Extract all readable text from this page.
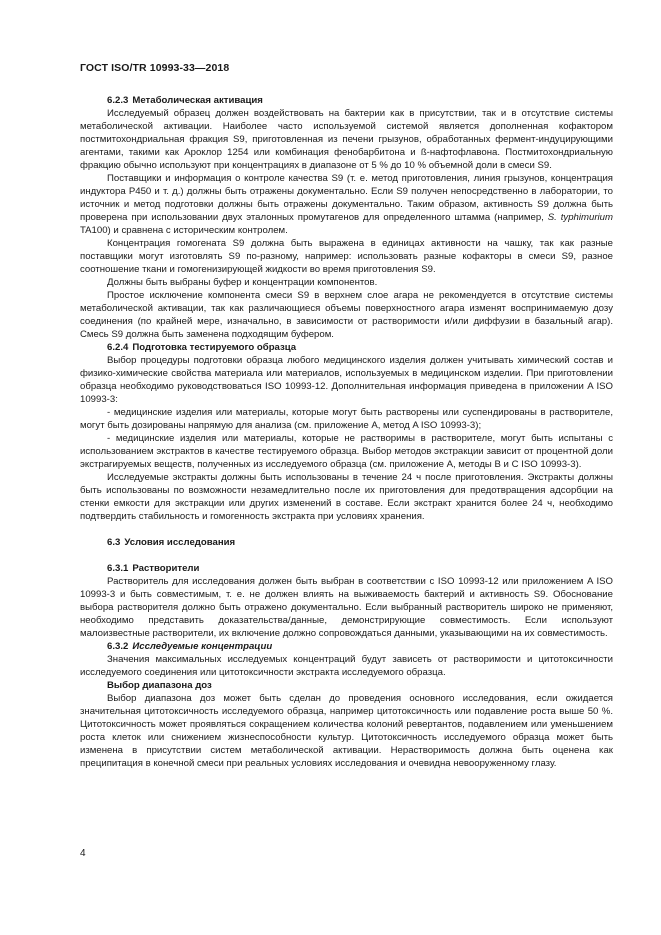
ГОСТ ISO/TR 10993-33—2018

6.2.3 Метаболическая активация

Исследуемый образец должен воздействовать на бактерии как в присутствии, так и в отсутствие системы метаболической активации. Наиболее часто используемой системой является дополненная кофактором постмитохондриальная фракция S9, приготовленная из печени грызунов, обработанных фермент-индуцирующими агентами, такими как Ароклор 1254 или комбинация фенобарбитона и ß-нафтофлавона. Постмитохондриальную фракцию обычно используют при концентрациях в диапазоне от 5 % до 10 % объемной доли в смеси S9.

Поставщики и информация о контроле качества S9 (т. е. метод приготовления, линия грызунов, концентрация индуктора P450 и т. д.) должны быть отражены документально. Если S9 получен непосредственно в лаборатории, то источник и метод подготовки должны быть отражены документально. Таким образом, активность S9 должна быть проверена при использовании двух эталонных промутагенов для определенного штамма (например, S. typhimurium TA100) и сравнена с историческим контролем.

Концентрация гомогената S9 должна быть выражена в единицах активности на чашку, так как разные поставщики могут изготовлять S9 по-разному, например: использовать разные кофакторы в смеси S9, разное соотношение ткани и гомогенизирующей жидкости во время приготовления S9.

Должны быть выбраны буфер и концентрации компонентов.

Простое исключение компонента смеси S9 в верхнем слое агара не рекомендуется в отсутствие системы метаболической активации, так как различающиеся объемы поверхностного агара изменят воспринимаемую дозу соединения (по крайней мере, изначально, в зависимости от растворимости и/или диффузии в базальный агар). Смесь S9 должна быть заменена подходящим буфером.

6.2.4 Подготовка тестируемого образца

Выбор процедуры подготовки образца любого медицинского изделия должен учитывать химический состав и физико-химические свойства материала или материалов, используемых в медицинском изделии. При приготовлении образца необходимо руководствоваться ISO 10993-12. Дополнительная информация приведена в приложении A ISO 10993-3:

- медицинские изделия или материалы, которые могут быть растворены или суспендированы в растворителе, могут быть дозированы напрямую для анализа (см. приложение A, метод A ISO 10993-3);

- медицинские изделия или материалы, которые не растворимы в растворителе, могут быть испытаны с использованием экстрактов в качестве тестируемого образца. Выбор методов экстракции зависит от процентной доли экстрагируемых веществ, полученных из исследуемого образца (см. приложение A, методы B и C ISO 10993-3).

Исследуемые экстракты должны быть использованы в течение 24 ч после приготовления. Экстракты должны быть использованы по возможности незамедлительно после их приготовления для предотвращения адсорбции на стенки емкости для экстракции или других изменений в составе. Если экстракт хранится более 24 ч, необходимо подтвердить стабильность и гомогенность экстракта при условиях хранения.

6.3 Условия исследования

6.3.1 Растворители

Растворитель для исследования должен быть выбран в соответствии с ISO 10993-12 или приложением A ISO 10993-3 и быть совместимым, т. е. не должен влиять на выживаемость бактерий и активность S9. Обоснование выбора растворителя должно быть отражено документально. Если выбранный растворитель широко не применяют, необходимо представить доказательства/данные, демонстрирующие совместимость. Если используют малоизвестные растворители, их включение должно сопровождаться данными, указывающими на их совместимость.

6.3.2 Исследуемые концентрации

Значения максимальных исследуемых концентраций будут зависеть от растворимости и цитотоксичности исследуемого соединения или цитотоксичности экстракта исследуемого образца.

Выбор диапазона доз

Выбор диапазона доз может быть сделан до проведения основного исследования, если ожидается значительная цитотоксичность исследуемого образца, например цитотоксичность или подавление роста выше 50 %. Цитотоксичность может проявляться сокращением количества колоний ревертантов, подавлением или уменьшением роста клеток или снижением жизнеспособности культур. Цитотоксичность исследуемого образца может быть изменена в присутствии систем метаболической активации. Нерастворимость должна быть оценена как преципитация в конечной смеси при реальных условиях исследования и очевидна невооруженному глазу.

4
